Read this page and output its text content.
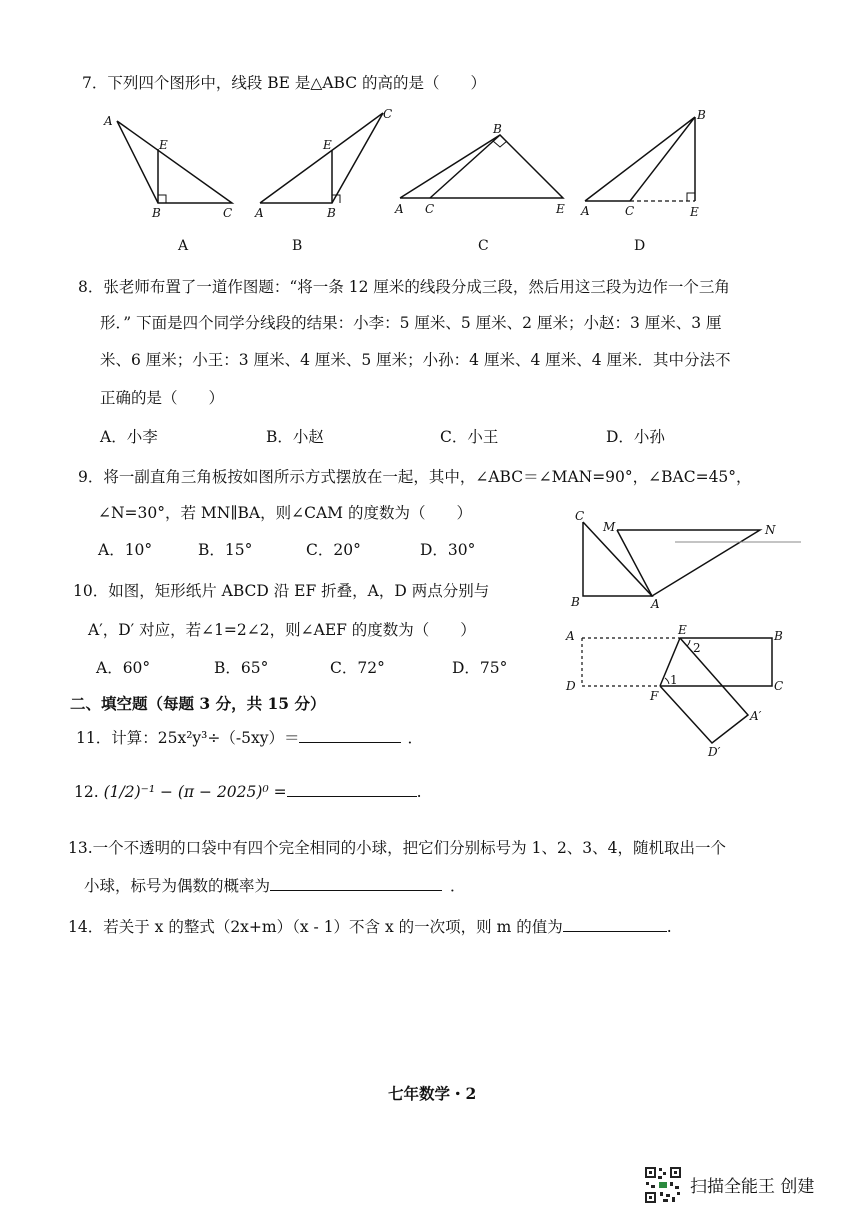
7．下列四个图形中，线段 BE 是△ABC 的高的是（　　）
A
E
B	C A
E
B
C
B
A C	E
B
A	C	E
A	B	C	D
8．张老师布置了一道作图题：“将一条 12 厘米的线段分成三段，然后用这三段为边作一个三角
形．” 下面是四个同学分线段的结果：小李：5 厘米、5 厘米、2 厘米；小赵：3 厘米、3 厘
米、6 厘米；小王：3 厘米、4 厘米、5 厘米；小孙：4 厘米、4 厘米、4 厘米．其中分法不
正确的是（　　）
A．小李	B．小赵	C．小王	D．小孙
9．将一副直角三角板按如图所示方式摆放在一起，其中，∠ABC＝∠MAN=90°，∠BAC=45°，
∠N=30°，若 MN∥BA，则∠CAM 的度数为（　　）
A．10°	B．15°	C．20°	D．30°
C
M	N
B	A
10．如图，矩形纸片 ABCD 沿 EF 折叠，A，D 两点分别与
A′，D′ 对应，若∠1=2∠2，则∠AEF 的度数为（　　）
A．60°	B．65°	C．72°	D．75°
A	E	B
2
D	1	C
F
A′
D′
二、填空题（每题 3 分，共 15 分）
11．计算：25x²y³÷（-5xy）＝	．
12. (1/2)⁻¹ − (π − 2025)⁰ =	.
13.一个不透明的口袋中有四个完全相同的小球，把它们分别标号为 1、2、3、4，随机取出一个
小球，标号为偶数的概率为	．
14．若关于 x 的整式（2x+m）（x - 1）不含 x 的一次项，则 m 的值为	.
七年数学・2
扫描全能王 创建
